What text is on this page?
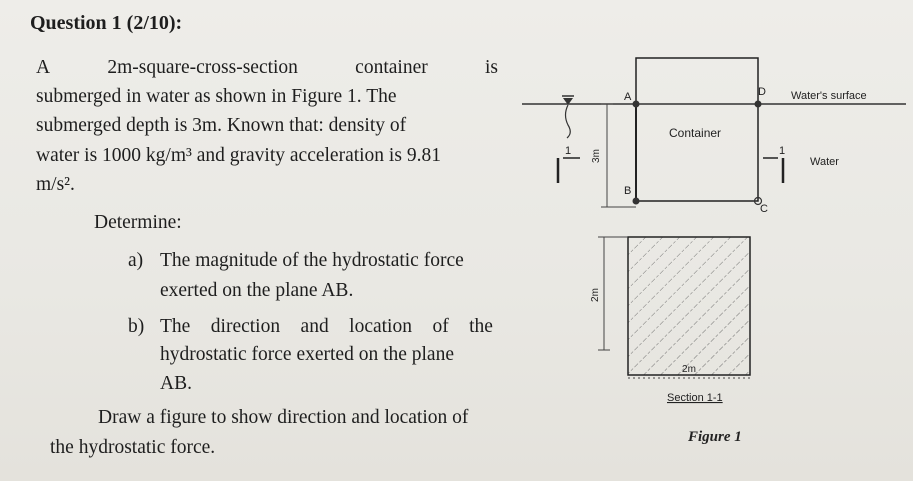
Question 1 (2/10):
A	2m-square-cross-section	container	is
submerged in water as shown in Figure 1. The
submerged depth is 3m. Known that: density of
water is 1000 kg/m³ and gravity acceleration is 9.81
m/s².
Determine:
a) The magnitude of the hydrostatic force
exerted on the plane AB.
b) The direction and location of the
hydrostatic force exerted on the plane
AB.
Draw a figure to show direction and location of
the hydrostatic force.
1 3m
A
B
D
C
Container
Water's surface
Water
1
2m
2m
Section 1-1
Figure 1
